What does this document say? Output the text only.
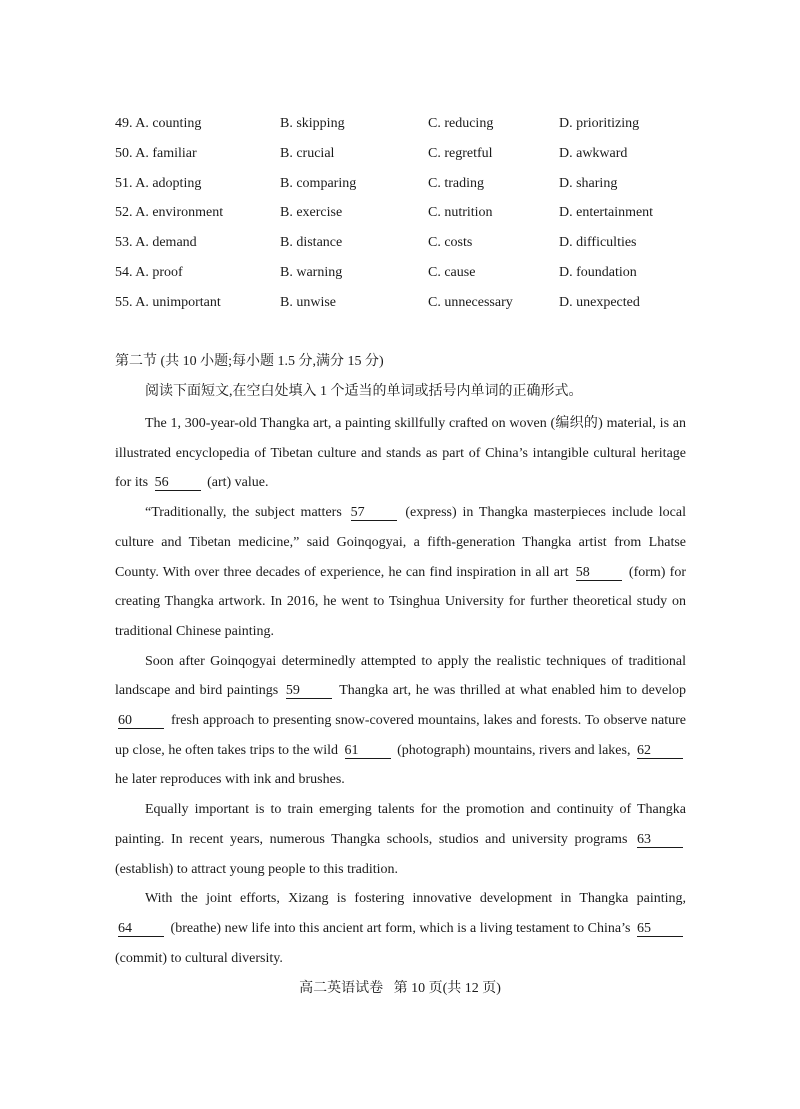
49. A. counting	B. skipping	C. reducing	D. prioritizing
50. A. familiar	B. crucial	C. regretful	D. awkward
51. A. adopting	B. comparing	C. trading	D. sharing
52. A. environment	B. exercise	C. nutrition	D. entertainment
53. A. demand	B. distance	C. costs	D. difficulties
54. A. proof	B. warning	C. cause	D. foundation
55. A. unimportant	B. unwise	C. unnecessary	D. unexpected
第二节 (共 10 小题;每小题 1.5 分,满分 15 分)
阅读下面短文,在空白处填入 1 个适当的单词或括号内单词的正确形式。

The 1, 300-year-old Thangka art, a painting skillfully crafted on woven (编织的) material, is an illustrated encyclopedia of Tibetan culture and stands as part of China’s intangible cultural heritage for its 56	(art) value.

“Traditionally, the subject matters 57	(express) in Thangka masterpieces include local culture and Tibetan medicine,” said Goinqogyai, a fifth-generation Thangka artist from Lhatse County. With over three decades of experience, he can find inspiration in all art 58	(form) for creating Thangka artwork. In 2016, he went to Tsinghua University for further theoretical study on traditional Chinese painting.

Soon after Goinqogyai determinedly attempted to apply the realistic techniques of traditional landscape and bird paintings 59	Thangka art, he was thrilled at what enabled him to develop 60	fresh approach to presenting snow-covered mountains, lakes and forests. To observe nature up close, he often takes trips to the wild 61	(photograph) mountains, rivers and lakes, 62 he later reproduces with ink and brushes.

Equally important is to train emerging talents for the promotion and continuity of Thangka painting. In recent years, numerous Thangka schools, studios and university programs 63 (establish) to attract young people to this tradition.

With the joint efforts, Xizang is fostering innovative development in Thangka painting, 64	(breathe) new life into this ancient art form, which is a living testament to China’s 65 (commit) to cultural diversity.

高二英语试卷   第 10 页(共 12 页)
